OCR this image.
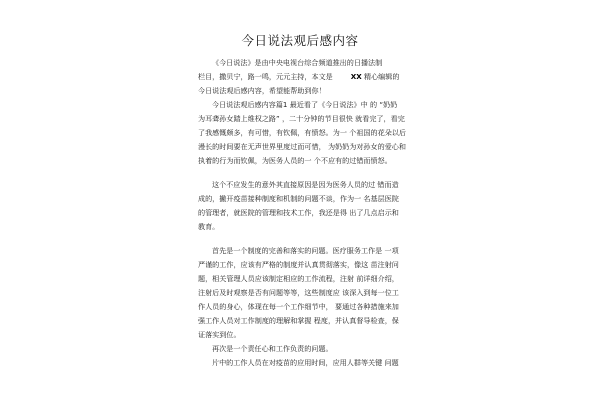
今日说法观后感内容
《今日说法》是由中央电视台综合频道推出的日播法制
栏目，撒贝宁，路一鸣，元元主持，本文是	XX 精心编辑的
今日说法观后感内容，希望能帮助到你！
今日说法观后感内容篇1 最近看了《今日说法》中 的 “奶奶
为耳聋孙女踏上维权之路” ，二十分钟的节目很快 就看完了，看完
了我感慨颇多，有可惜，有钦佩，有愤怒。为一 个祖国的花朵以后
漫长的时间要在无声世界里度过而可惜， 为奶奶为对孙女的爱心和
执着的行为而钦佩，为医务人员的一 个不应有的过错而愤怒。
这个不应发生的意外其直接原因是因为医务人员的过 错而造
成的，撇开疫苗接种制度和机制的问题不谈，作为一 名基层医院
的管理者，就医院的管理和技术工作，我还是得 出了几点启示和
教育。
首先是一个制度的完善和落实的问题。医疗服务工作是 一项
严谨的工作，应该有严格的制度并认真贯彻落实，像这 苗注射问
题，相关管理人员应该制定相应的工作流程，注射 前详细介绍，
注射后及时观察是否有问题等等，这些制度应 该深入到每一位工
作人员的身心，体现在每一个工作细节中， 要通过各种措施来加
强工作人员对工作制度的理解和掌握 程度，并认真督导检查，保
证落实到位。
再次是一个责任心和工作负责的问题。
片中的工作人员在对疫苗的应用时间，应用人群等关键 问题
